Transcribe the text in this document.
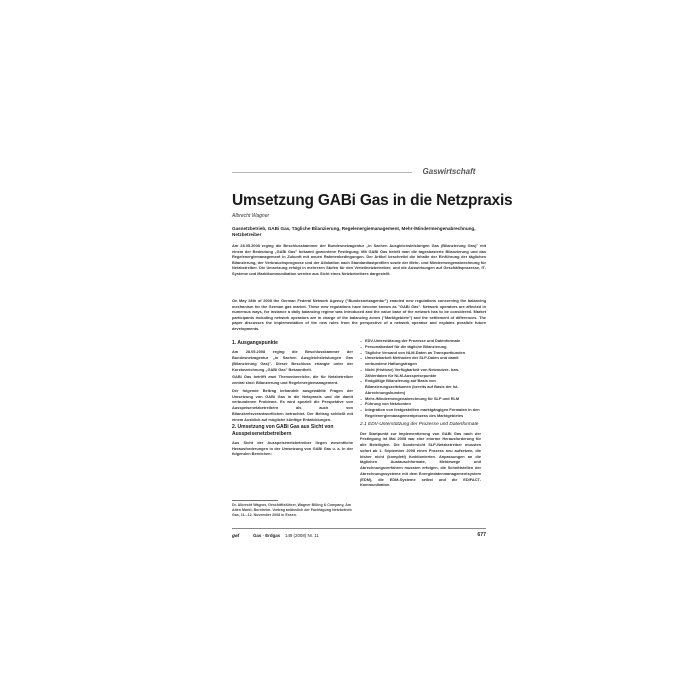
Gaswirtschaft
Umsetzung GABi Gas in die Netzpraxis
Albrecht Wagner
Gasnetzbetrieb, GABi Gas, Tägliche Bilanzierung, Regelenergiemanagement, Mehr-/Mindermengenabrechnung, Netzbetreiber
Am 28.05.2008 erging die Beschlusskammer der Bundesnetzagentur „in Sachen Ausgleichsleistungen Gas (Bilanzierung Gas)" mit einem der Bedeutung „GABi Gas" bekannt gewordene Festlegung. Mit GABi Gas betritt man die tagesbasierte Bilanzierung und das Regelenergiemanagement in Zukunft mit neuen Rahmenbedingungen. Der Artikel beschreibt die Inhalte der Einführung der täglichen Bilanzierung, der Verbrauchsprognose und der Allokation nach Standardlastprofilen sowie der Mehr- und Mindermengenabrechnung für Netzbetreiber. Die Umsetzung erfolgt in mehreren Stufen für den Verteilnetzbetreiber, und die Auswirkungen auf Geschäftsprozesse, IT-Systeme und Marktkommunikation werden aus Sicht eines Netzbetreibers dargestellt.
On May 28th of 2008 the German Federal Network Agency ("Bundesnetzagentur") enacted new regulations concerning the balancing mechanism for the German gas market. These new regulations have become known as "GABi Gas". Network operators are affected in numerous ways, for instance a daily balancing regime was introduced and the value base of the network has to be considered. Market participants including network operators are in charge of the balancing zones ("Marktgebiete") and the settlement of differences. The paper discusses the implementation of the new rules from the perspective of a network operator and explains possible future developments.
1. Ausgangspunkte

Am 28.05.2008 erging die Beschlusskammer der Bundesnetzagentur „in Sachen Ausgleichsleistungen Gas (Bilanzierung Gas)". Dieser Beschluss erlangte unter der Kurzbezeichnung „GABi Gas" Bekanntheit.

GABi Gas betrifft zwei Themenbereiche, die für Netzbetreiber zentral sind: Bilanzierung und Regelenergiemanagement.

Der folgende Beitrag behandelt ausgewählte Fragen der Umsetzung von GABi Gas in die Netzpraxis und die damit verbundenen Probleme. Es wird speziell die Perspektive von Ausspeisenetzbetreibern als auch von Bilanzkreisverantwortlichen betrachtet. Der Beitrag schließt mit einem Ausblick auf mögliche künftige Entwicklungen.

2. Umsetzung von GABi Gas aus Sicht von Ausspeisenetzbetreibern

Aus Sicht der Ausspeisenetzbetreiber liegen wesentliche Herausforderungen in der Umsetzung von GABi Gas u. a. in der folgenden Bereichen:

– EDV-Unterstützung der Prozesse und Datenformate
– Personalbedarf für die tägliche Bilanzierung
– Tägliche Versand von NLM-Daten an Transportkunden
– Umsetzbarkeit Methoden der SLP-Daten und damit verbundene Haftungsfragen
– Nicht (fristlose) Verfügbarkeit von Netznutzer- bzw. Zählerdaten für NLM-Ausspeisepunkte
– Endgültige Bilanzierung auf Basis von Bilanzierungszeiträumen (bereits auf Basis der Ist-Abrechnungskunden)
– Mehr-/Mindermengenabrechnung für SLP und RLM
– Führung von Netzkonten
– Integration von festgestellten marktgängigen Formaten in den Regelenergiemanagementprozess des Marktgebietes
2.1 EDV-Unterstützung der Prozesse und Datenformate

Der Startpunkt zur Implementierung von GABi Gas nach der Festlegung ist Mai 2008 war eine enorme Herausforderung für alle Beteiligten. Die Sondersicht SLP-Netzbetreiber mussten sofort ab 1. September 2008 einen Prozess neu aufsetzen, die bisher nicht (komplett) funktionierten. Anpassungen an die täglichen Austauschformate, Meldewege und Abrechnungsverfahren mussten erfolgen, die Schnittstellen der Abrechnungssysteme mit dem Energiedatenmanagementsystem (EDM), die EDM-Systeme selbst und die EDIFACT-Kommunikation

Dr. Albrecht Wagner, Geschäftsführer, Wagner Billing & Company, Am Alten Markt, Bornheim. Vortrag anlässlich der Fachtagung Netzbetrieb Gas, 11.–12. November 2008 in Essen.
gwf	Gas · Erdgas 149 (2008) Nr. 11	677
